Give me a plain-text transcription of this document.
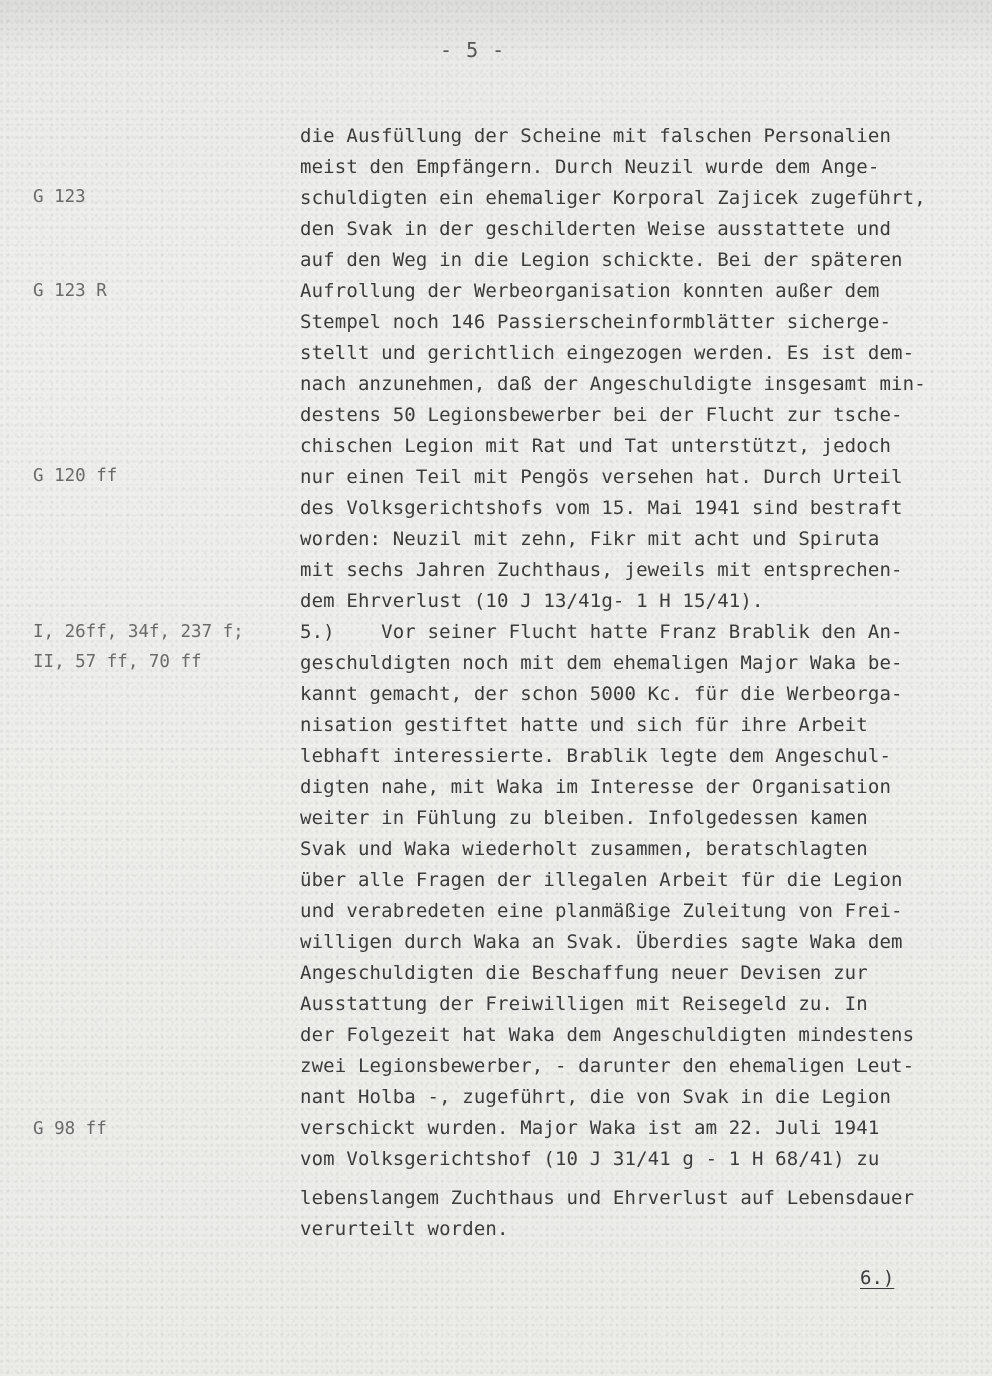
- 5 -
G 123
G 123 R
G 120 ff
I, 26ff, 34f, 237 f;
II, 57 ff, 70 ff
G 98 ff
die Ausfüllung der Scheine mit falschen Personalien
meist den Empfängern. Durch Neuzil wurde dem Ange-
schuldigten ein ehemaliger Korporal Zajicek zugeführt,
den Svak in der geschilderten Weise ausstattete und
auf den Weg in die Legion schickte. Bei der späteren
Aufrollung der Werbeorganisation konnten außer dem
Stempel noch 146 Passierscheinformblätter sicherge-
stellt und gerichtlich eingezogen werden. Es ist dem-
nach anzunehmen, daß der Angeschuldigte insgesamt min-
destens 50 Legionsbewerber bei der Flucht zur tsche-
chischen Legion mit Rat und Tat unterstützt, jedoch
nur einen Teil mit Pengös versehen hat. Durch Urteil
des Volksgerichtshofs vom 15. Mai 1941 sind bestraft
worden: Neuzil mit zehn, Fikr mit acht und Spiruta
mit sechs Jahren Zuchthaus, jeweils mit entsprechen-
dem Ehrverlust (10 J 13/41g- 1 H 15/41).
5.)    Vor seiner Flucht hatte Franz Brablik den An-
geschuldigten noch mit dem ehemaligen Major Waka be-
kannt gemacht, der schon 5000 Kc. für die Werbeorga-
nisation gestiftet hatte und sich für ihre Arbeit
lebhaft interessierte. Brablik legte dem Angeschul-
digten nahe, mit Waka im Interesse der Organisation
weiter in Fühlung zu bleiben. Infolgedessen kamen
Svak und Waka wiederholt zusammen, beratschlagten
über alle Fragen der illegalen Arbeit für die Legion
und verabredeten eine planmäßige Zuleitung von Frei-
willigen durch Waka an Svak. Überdies sagte Waka dem
Angeschuldigten die Beschaffung neuer Devisen zur
Ausstattung der Freiwilligen mit Reisegeld zu. In
der Folgezeit hat Waka dem Angeschuldigten mindestens
zwei Legionsbewerber, - darunter den ehemaligen Leut-
nant Holba -, zugeführt, die von Svak in die Legion
verschickt wurden. Major Waka ist am 22. Juli 1941
vom Volksgerichtshof (10 J 31/41 g - 1 H 68/41) zu
lebenslangem Zuchthaus und Ehrverlust auf Lebensdauer
verurteilt worden.
6.)
